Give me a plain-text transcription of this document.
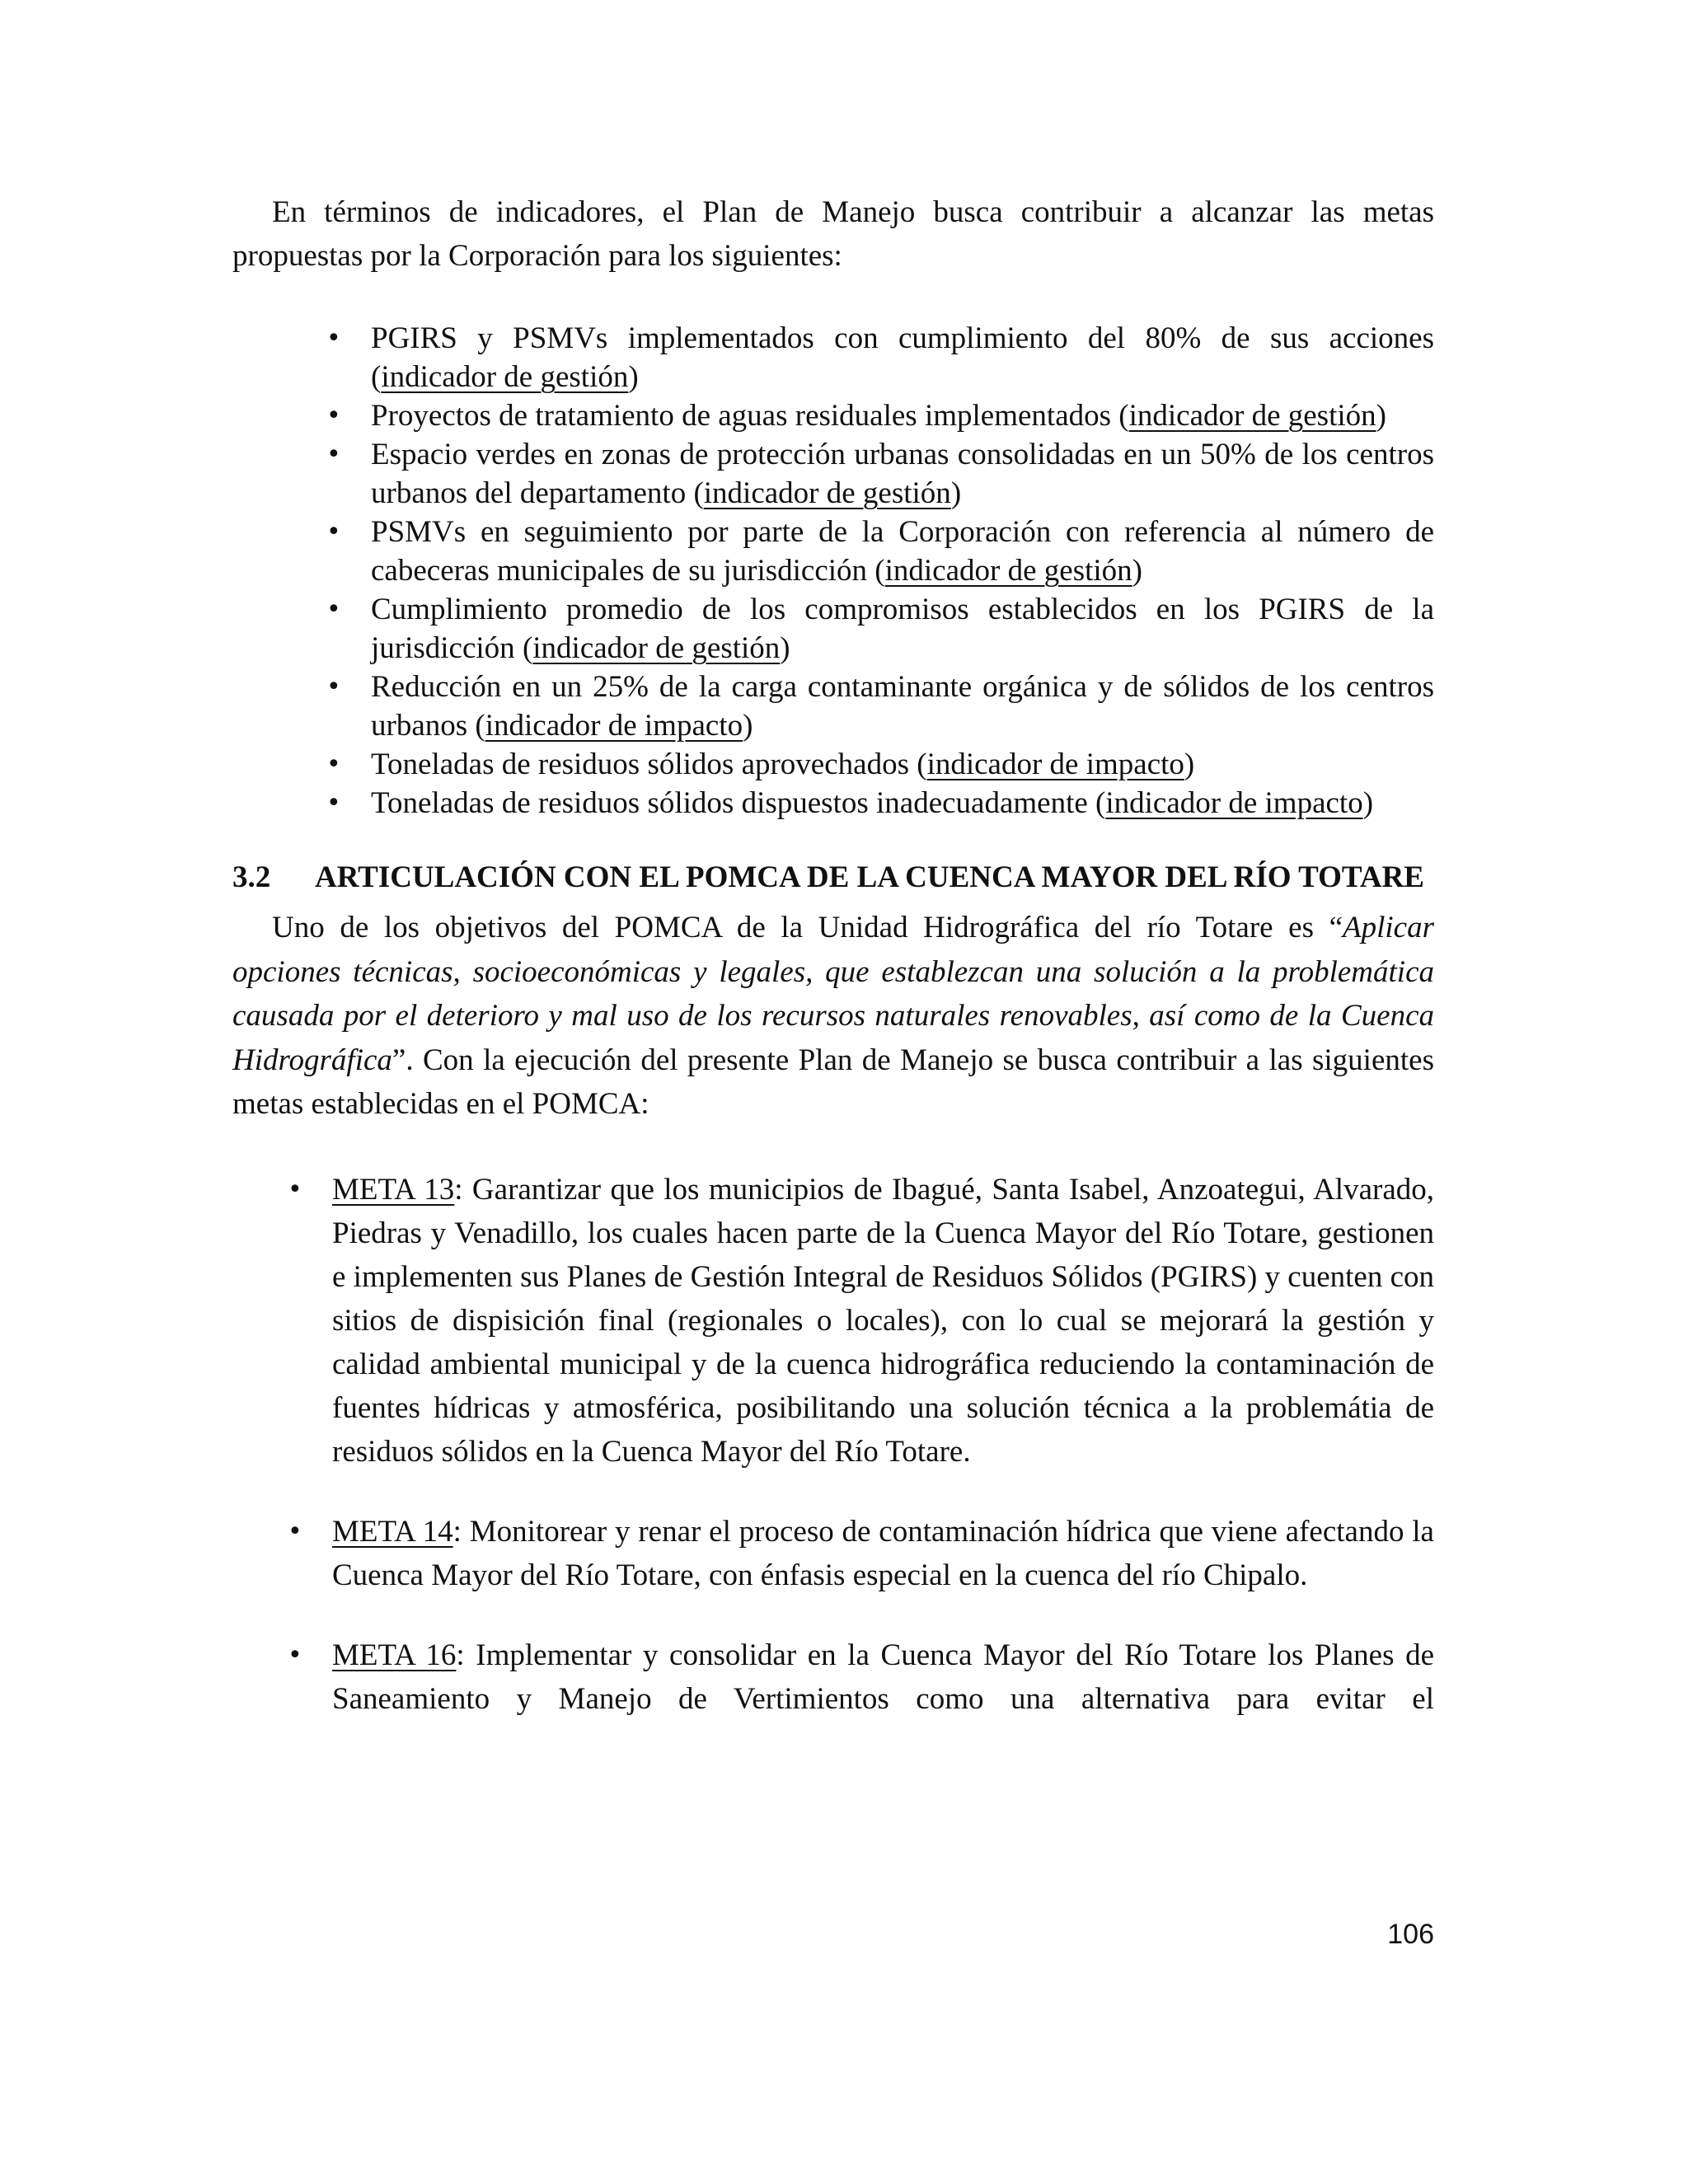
En términos de indicadores, el Plan de Manejo busca contribuir a alcanzar las metas propuestas por la Corporación para los siguientes:

• PGIRS y PSMVs implementados con cumplimiento del 80% de sus acciones (indicador de gestión)
• Proyectos de tratamiento de aguas residuales implementados (indicador de gestión)
• Espacio verdes en zonas de protección urbanas consolidadas en un 50% de los centros urbanos del departamento (indicador de gestión)
• PSMVs en seguimiento por parte de la Corporación con referencia al número de cabeceras municipales de su jurisdicción (indicador de gestión)
• Cumplimiento promedio de los compromisos establecidos en los PGIRS de la jurisdicción (indicador de gestión)
• Reducción en un 25% de la carga contaminante orgánica y de sólidos de los centros urbanos (indicador de impacto)
• Toneladas de residuos sólidos aprovechados (indicador de impacto)
• Toneladas de residuos sólidos dispuestos inadecuadamente (indicador de impacto)
3.2	ARTICULACIÓN CON EL POMCA DE LA CUENCA MAYOR DEL RÍO TOTARE

Uno de los objetivos del POMCA de la Unidad Hidrográfica del río Totare es “Aplicar opciones técnicas, socioeconómicas y legales, que establezcan una solución a la problemática causada por el deterioro y mal uso de los recursos naturales renovables, así como de la Cuenca Hidrográfica”. Con la ejecución del presente Plan de Manejo se busca contribuir a las siguientes metas establecidas en el POMCA:

• META 13: Garantizar que los municipios de Ibagué, Santa Isabel, Anzoategui, Alvarado, Piedras y Venadillo, los cuales hacen parte de la Cuenca Mayor del Río Totare, gestionen e implementen sus Planes de Gestión Integral de Residuos Sólidos (PGIRS) y cuenten con sitios de dispisición final (regionales o locales), con lo cual se mejorará la gestión y calidad ambiental municipal y de la cuenca hidrográfica reduciendo la contaminación de fuentes hídricas y atmosférica, posibilitando una solución técnica a la problemátia de residuos sólidos en la Cuenca Mayor del Río Totare.
• META 14: Monitorear y renar el proceso de contaminación hídrica que viene afectando la Cuenca Mayor del Río Totare, con énfasis especial en la cuenca del río Chipalo.
• META 16: Implementar y consolidar en la Cuenca Mayor del Río Totare los Planes de Saneamiento y Manejo de Vertimientos como una alternativa para evitar el
106
